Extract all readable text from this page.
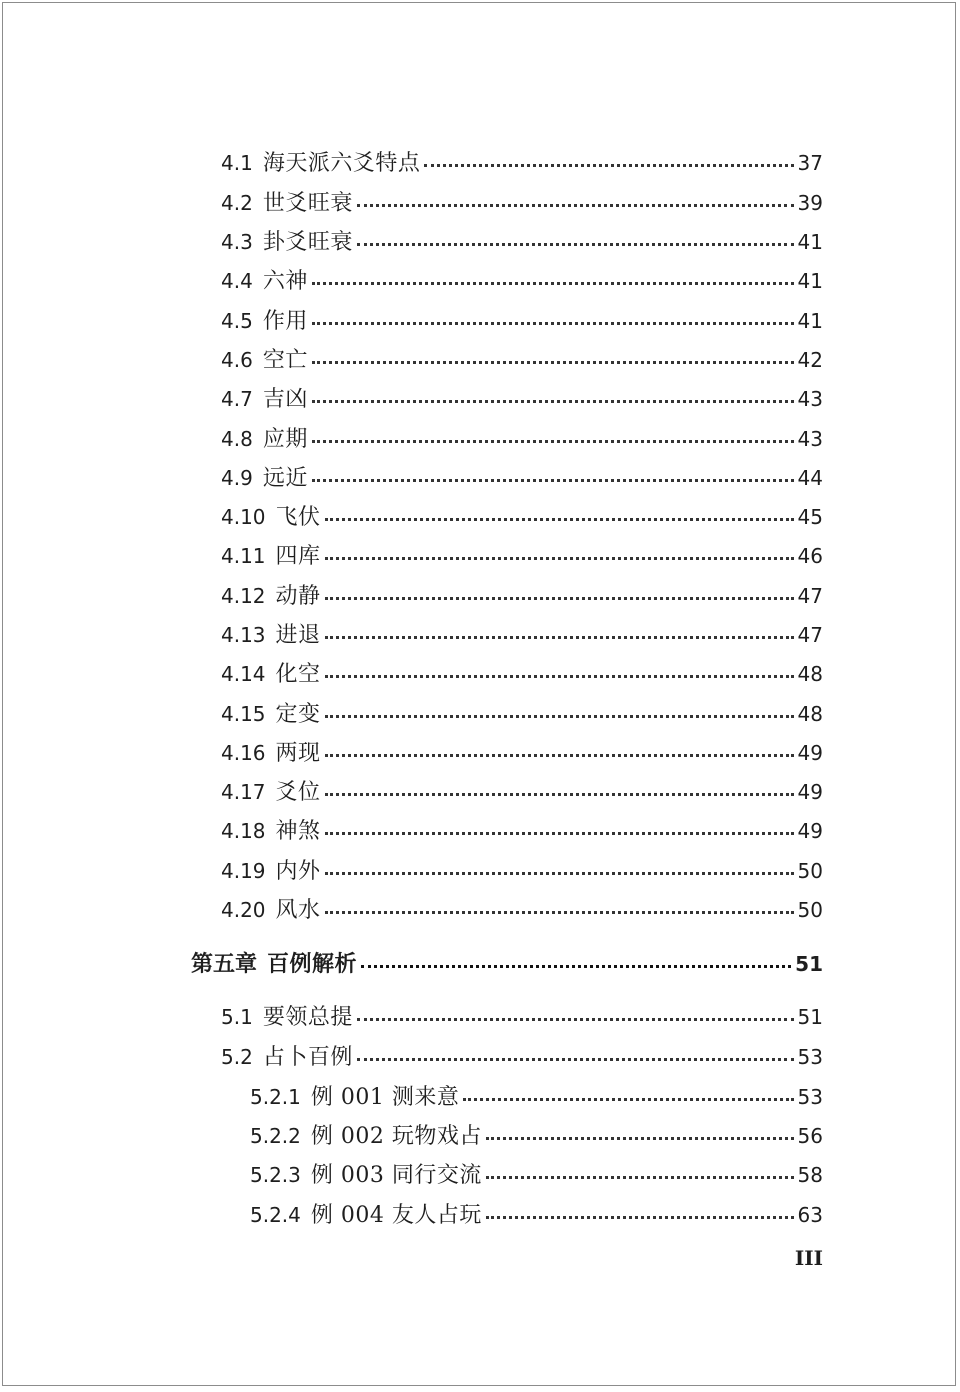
4.1 海天派六爻特点	37
4.2 世爻旺衰	39
4.3 卦爻旺衰	41
4.4 六神	41
4.5 作用	41
4.6 空亡	42
4.7 吉凶	43
4.8 应期	43
4.9 远近	44
4.10 飞伏	45
4.11 四库	46
4.12 动静	47
4.13 进退	47
4.14 化空	48
4.15 定变	48
4.16 两现	49
4.17 爻位	49
4.18 神煞	49
4.19 内外	50
4.20 风水	50
第五章 百例解析	51
5.1 要领总提	51
5.2 占卜百例	53
5.2.1 例 001 测来意	53
5.2.2 例 002 玩物戏占	56
5.2.3 例 003 同行交流	58
5.2.4 例 004 友人占玩	63
III
